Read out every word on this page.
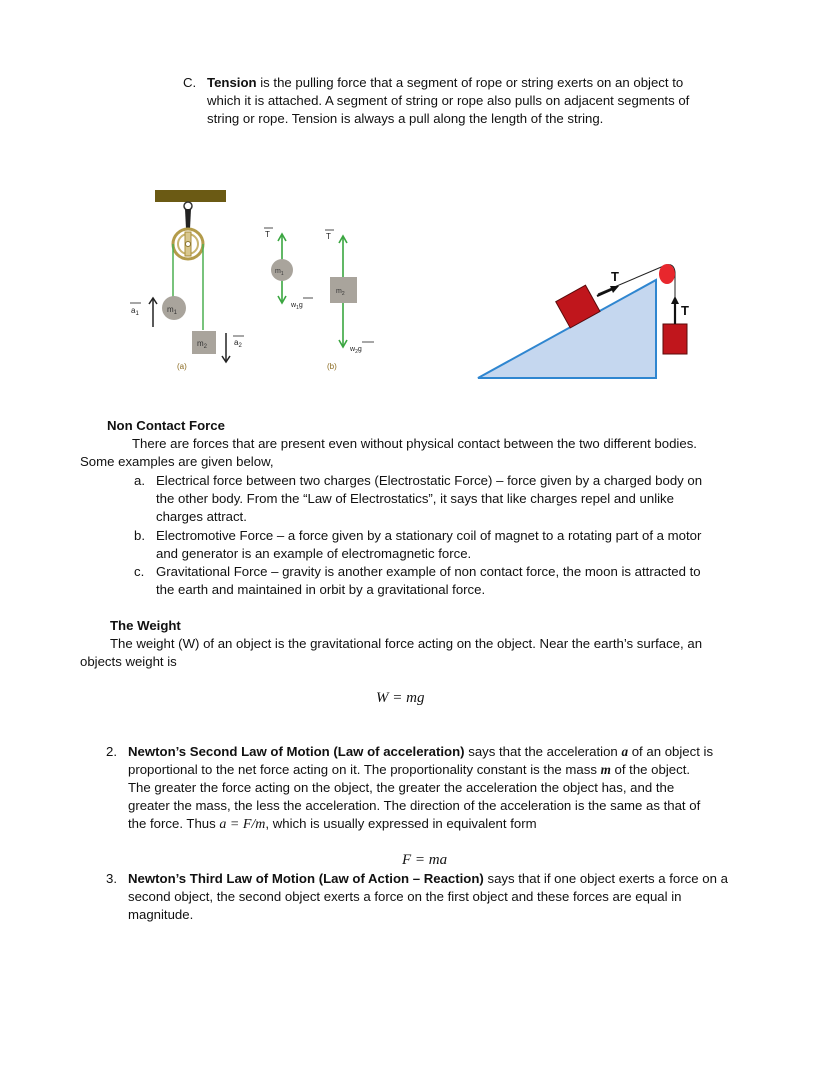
C. Tension is the pulling force that a segment of rope or string exerts on an object to
which it is attached. A segment of string or rope also pulls on adjacent segments of
string or rope. Tension is always a pull along the length of the string.
$m_1$
$m_2$
$a_1$
$a_2$
(a)
$m_1$
T
$w_1g$
$m_2$
T
$w_2g$
(b)
T
T
Non Contact Force
There are forces that are present even without physical contact between the two different bodies.
Some examples are given below,
a. Electrical force between two charges (Electrostatic Force) – force given by a charged body on
the other body. From the “Law of Electrostatics”, it says that like charges repel and unlike
charges attract.
b. Electromotive Force – a force given by a stationary coil of magnet to a rotating part of a motor
and generator is an example of electromagnetic force.
c. Gravitational Force – gravity is another example of non contact force, the moon is attracted to
the earth and maintained in orbit by a gravitational force.
The Weight
The weight (W) of an object is the gravitational force acting on the object. Near the earth’s surface, an
objects weight is
W = mg
2. Newton’s Second Law of Motion (Law of acceleration) says that the acceleration a of an object is
proportional to the net force acting on it. The proportionality constant is the mass m of the object.
The greater the force acting on the object, the greater the acceleration the object has, and the
greater the mass, the less the acceleration. The direction of the acceleration is the same as that of
the force. Thus a = F/m, which is usually expressed in equivalent form
F = ma
3. Newton’s Third Law of Motion (Law of Action – Reaction) says that if one object exerts a force on a
second object, the second object exerts a force on the first object and these forces are equal in
magnitude.
